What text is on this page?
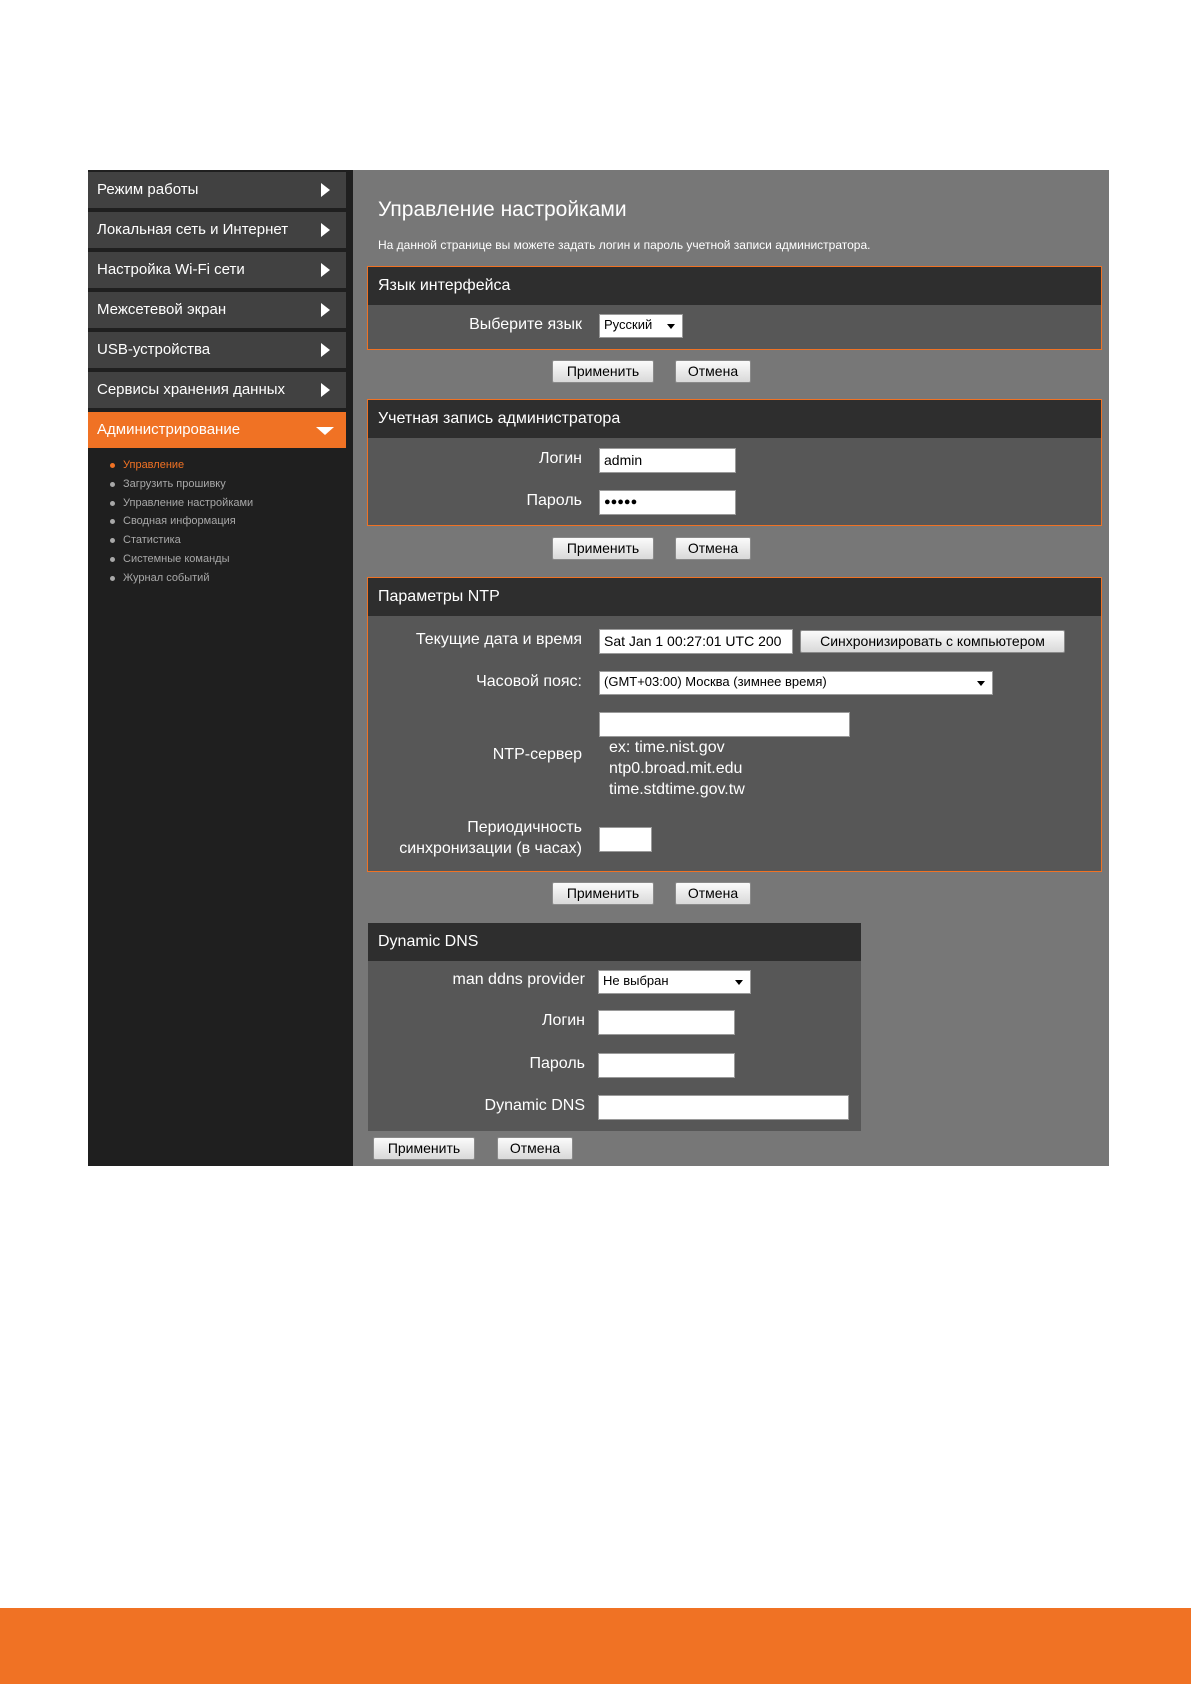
Режим работы
Локальная сеть и Интернет
Настройка Wi-Fi сети
Межсетевой экран
USB-устройства
Сервисы хранения данных
Администрирование
Управление
Загрузить прошивку
Управление настройками
Сводная информация
Статистика
Системные команды
Журнал событий
Управление настройками
На данной странице вы можете задать логин и пароль учетной записи администратора.
Язык интерфейса
Выберите язык	Русский
Применить	Отмена
Учетная запись администратора
Логин	admin
Пароль	●●●●●
Применить	Отмена
Параметры NTP
Текущие дата и время	Sat Jan 1 00:27:01 UTC 200	Синхронизировать с компьютером
Часовой пояс:	(GMT+03:00) Москва (зимнее время)
NTP-сервер ex: time.nist.gov
ntp0.broad.mit.edu
time.stdtime.gov.tw
Периодичность синхронизации (в часах)
Применить	Отмена
Dynamic DNS
man ddns provider	Не выбран
Логин
Пароль
Dynamic DNS
Применить	Отмена
